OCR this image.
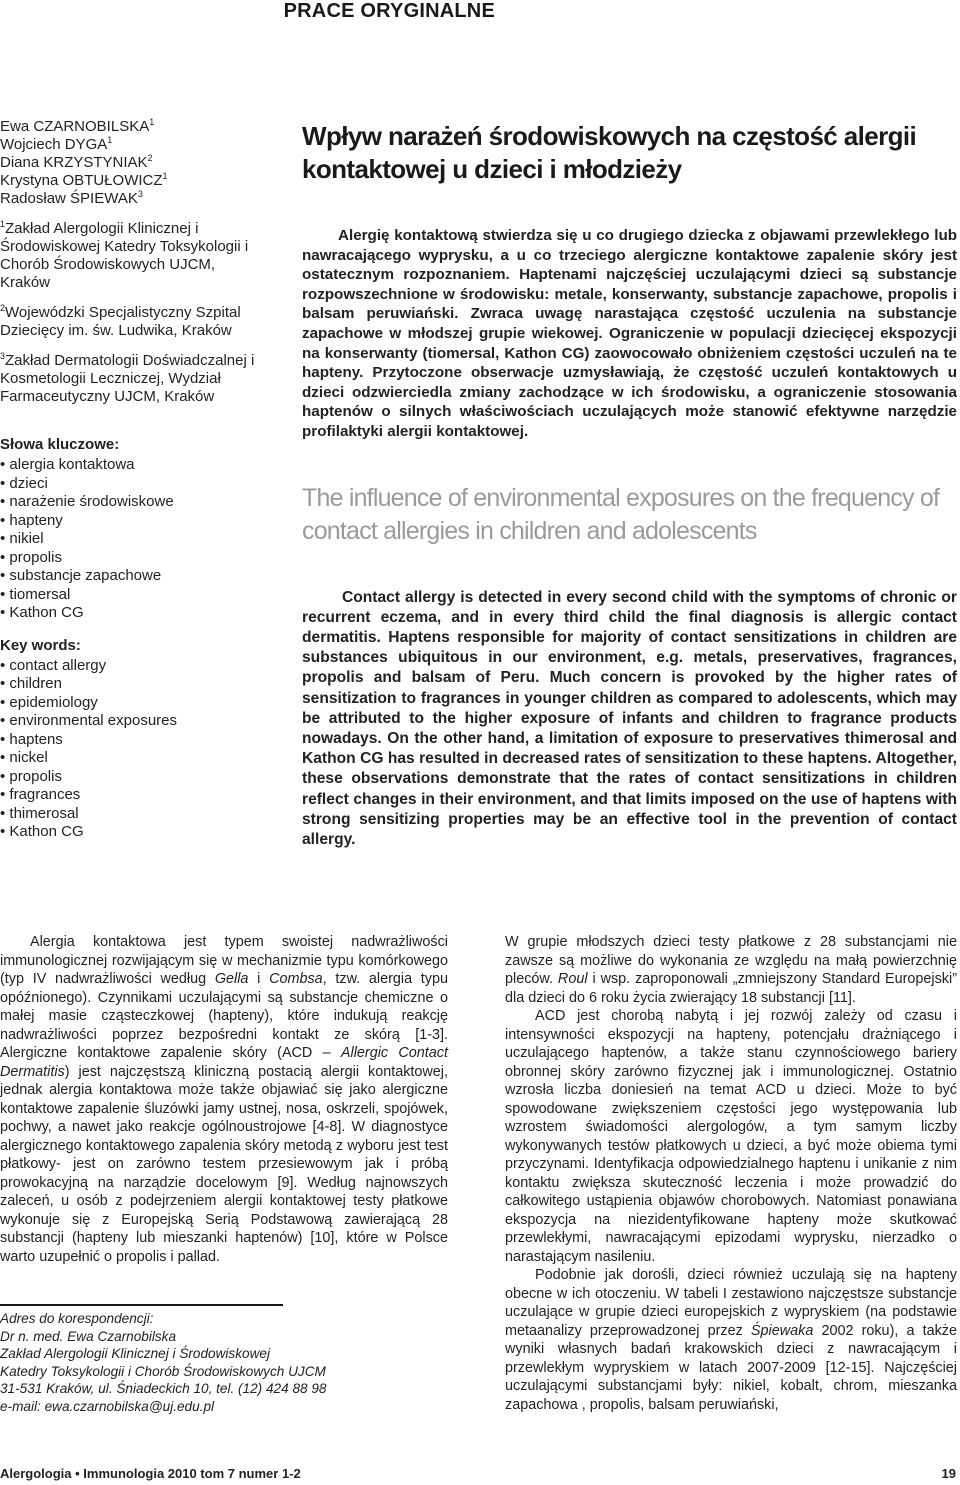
PRACE ORYGINALNE
Ewa CZARNOBILSKA$^1$
Wojciech DYGA$^1$
Diana KRZYSTYNIAK$^2$
Krystyna OBTUŁOWICZ$^1$
Radosław ŚPIEWAK$^3$

$^1$Zakład Alergologii Klinicznej i Środowiskowej Katedry Toksykologii i Chorób Środowiskowych UJCM, Kraków

$^2$Wojewódzki Specjalistyczny Szpital Dziecięcy im. św. Ludwika, Kraków

$^3$Zakład Dermatologii Doświadczalnej i Kosmetologii Leczniczej, Wydział Farmaceutyczny UJCM, Kraków

Słowa kluczowe:
• alergia kontaktowa
• dzieci
• narażenie środowiskowe
• hapteny
• nikiel
• propolis
• substancje zapachowe
• tiomersal
• Kathon CG
Key words:
• contact allergy
• children
• epidemiology
• environmental exposures
• haptens
• nickel
• propolis
• fragrances
• thimerosal
• Kathon CG
Wpływ narażeń środowiskowych na częstość alergii kontaktowej u dzieci i młodzieży
Alergię kontaktową stwierdza się u co drugiego dziecka z objawami przewlekłego lub nawracającego wyprysku, a u co trzeciego alergiczne kontaktowe zapalenie skóry jest ostatecznym rozpoznaniem. Haptenami najczęściej uczulającymi dzieci są substancje rozpowszechnione w środowisku: metale, konserwanty, substancje zapachowe, propolis i balsam peruwiański. Zwraca uwagę narastająca częstość uczulenia na substancje zapachowe w młodszej grupie wiekowej. Ograniczenie w populacji dziecięcej ekspozycji na konserwanty (tiomersal, Kathon CG) zaowocowało obniżeniem częstości uczuleń na te hapteny. Przytoczone obserwacje uzmysławiają, że częstość uczuleń kontaktowych u dzieci odzwierciedla zmiany zachodzące w ich środowisku, a ograniczenie stosowania haptenów o silnych właściwościach uczulających może stanowić efektywne narzędzie profilaktyki alergii kontaktowej.
The influence of environmental exposures on the frequency of contact allergies in children and adolescents
Contact allergy is detected in every second child with the symptoms of chronic or recurrent eczema, and in every third child the final diagnosis is allergic contact dermatitis. Haptens responsible for majority of contact sensitizations in children are substances ubiquitous in our environment, e.g. metals, preservatives, fragrances, propolis and balsam of Peru. Much concern is provoked by the higher rates of sensitization to fragrances in younger children as compared to adolescents, which may be attributed to the higher exposure of infants and children to fragrance products nowadays. On the other hand, a limitation of exposure to preservatives thimerosal and Kathon CG has resulted in decreased rates of sensitization to these haptens. Altogether, these observations demonstrate that the rates of contact sensitizations in children reflect changes in their environment, and that limits imposed on the use of haptens with strong sensitizing properties may be an effective tool in the prevention of contact allergy.

Alergia kontaktowa jest typem swoistej nadwrażliwości immunologicznej rozwijającym się w mechanizmie typu komórkowego (typ IV nadwrażliwości według Gella i Combsa, tzw. alergia typu opóźnionego). Czynnikami uczulającymi są substancje chemiczne o małej masie cząsteczkowej (hapteny), które indukują reakcję nadwrażliwości poprzez bezpośredni kontakt ze skórą [1-3]. Alergiczne kontaktowe zapalenie skóry (ACD – Allergic Contact Dermatitis) jest najczęstszą kliniczną postacią alergii kontaktowej, jednak alergia kontaktowa może także objawiać się jako alergiczne kontaktowe zapalenie śluzówki jamy ustnej, nosa, oskrzeli, spojówek, pochwy, a nawet jako reakcje ogólnoustrojowe [4-8]. W diagnostyce alergicznego kontaktowego zapalenia skóry metodą z wyboru jest test płatkowy- jest on zarówno testem przesiewowym jak i próbą prowokacyjną na narządzie docelowym [9]. Według najnowszych zaleceń, u osób z podejrzeniem alergii kontaktowej testy płatkowe wykonuje się z Europejską Serią Podstawową zawierającą 28 substancji (hapteny lub mieszanki haptenów) [10], które w Polsce warto uzupełnić o propolis i pallad.

W grupie młodszych dzieci testy płatkowe z 28 substancjami nie zawsze są możliwe do wykonania ze względu na małą powierzchnię pleców. Roul i wsp. zaproponowali „zmniejszony Standard Europejski” dla dzieci do 6 roku życia zwierający 18 substancji [11].

ACD jest chorobą nabytą i jej rozwój zależy od czasu i intensywności ekspozycji na hapteny, potencjału drażniącego i uczulającego haptenów, a także stanu czynnościowego bariery obronnej skóry zarówno fizycznej jak i immunologicznej. Ostatnio wzrosła liczba doniesień na temat ACD u dzieci. Może to być spowodowane zwiększeniem częstości jego występowania lub wzrostem świadomości alergologów, a tym samym liczby wykonywanych testów płatkowych u dzieci, a być może obiema tymi przyczynami. Identyfikacja odpowiedzialnego haptenu i unikanie z nim kontaktu zwiększa skuteczność leczenia i może prowadzić do całkowitego ustąpienia objawów chorobowych. Natomiast ponawiana ekspozycja na niezidentyfikowane hapteny może skutkować przewlekłymi, nawracającymi epizodami wyprysku, nierzadko o narastającym nasileniu.

Podobnie jak dorośli, dzieci również uczulają się na hapteny obecne w ich otoczeniu. W tabeli I zestawiono najczęstsze substancje uczulające w grupie dzieci europejskich z wypryskiem (na podstawie metaanalizy przeprowadzonej przez Śpiewaka 2002 roku), a także wyniki własnych badań krakowskich dzieci z nawracającym i przewlekłym wypryskiem w latach 2007-2009 [12-15]. Najczęściej uczulającymi substancjami były: nikiel, kobalt, chrom, mieszanka zapachowa , propolis, balsam peruwiański,

Adres do korespondencji:
Dr n. med. Ewa Czarnobilska
Zakład Alergologii Klinicznej i Środowiskowej
Katedry Toksykologii i Chorób Środowiskowych UJCM
31-531 Kraków, ul. Śniadeckich 10, tel. (12) 424 88 98
e-mail: ewa.czarnobilska@uj.edu.pl
Alergologia • Immunologia 2010 tom 7 numer 1-2	19
